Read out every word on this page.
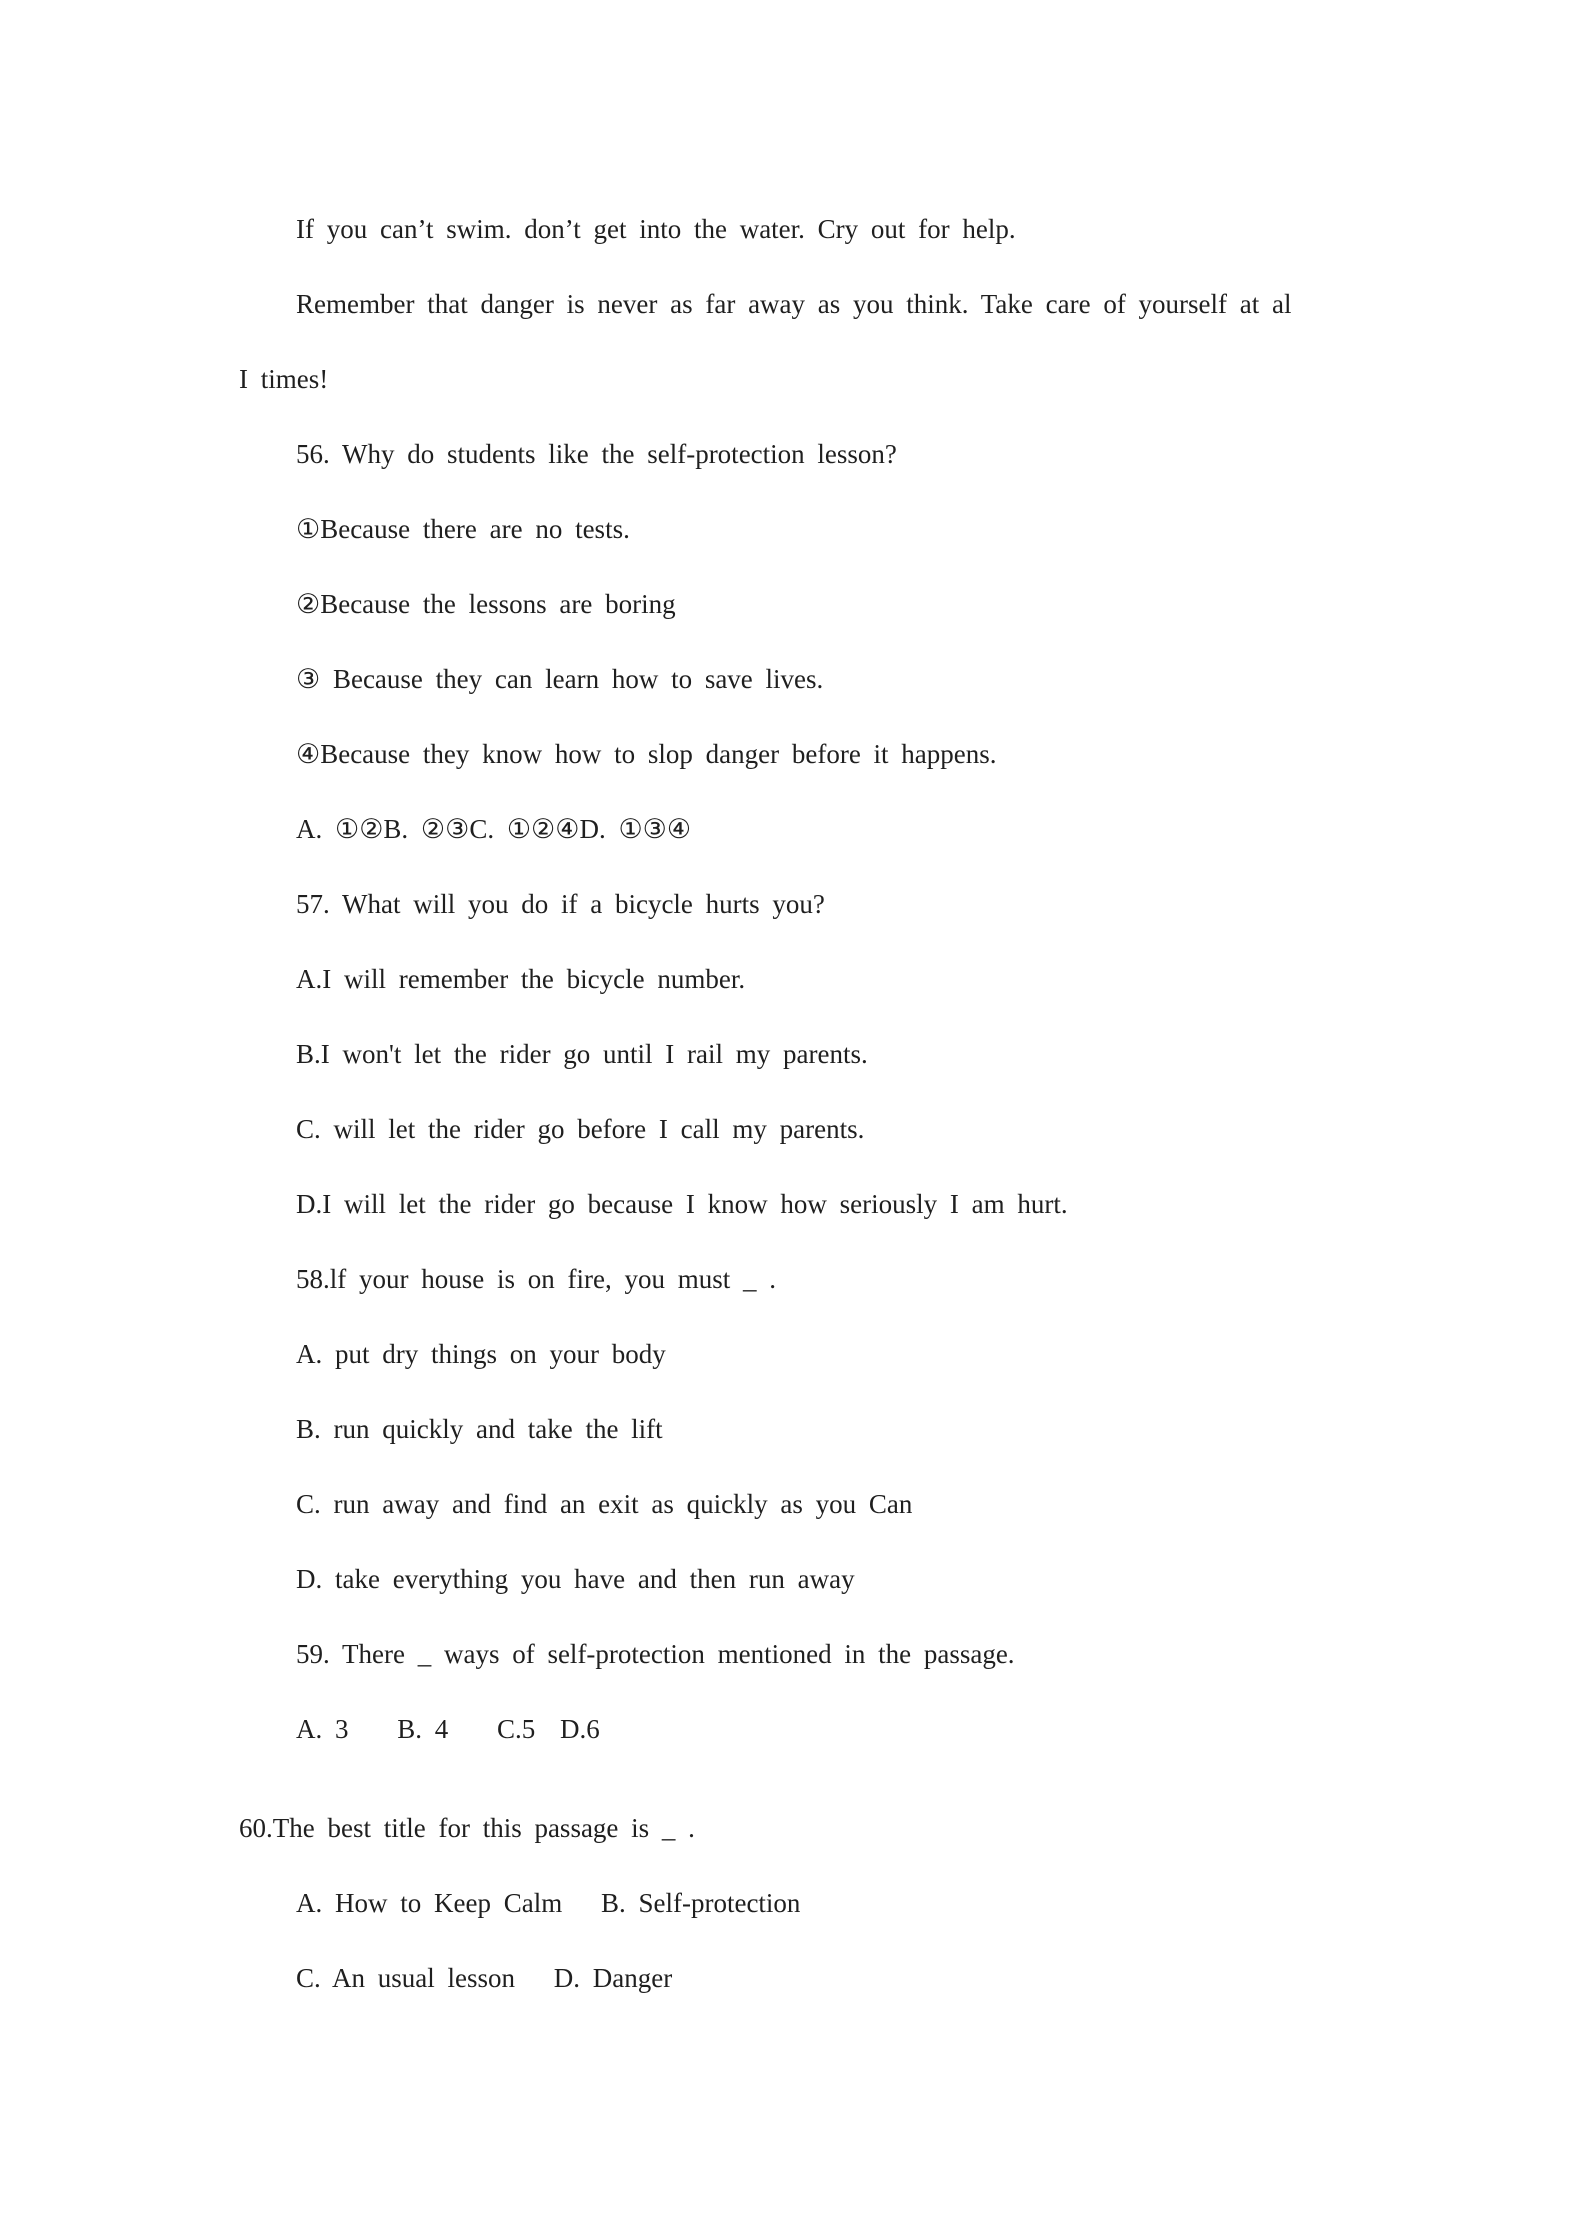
If you can’t swim. don’t get into the water. Cry out for help.
Remember that danger is never as far away as you think. Take care of yourself at al
I times!
56. Why do students like the self-protection lesson?
①Because there are no tests.
②Because the lessons are boring
③ Because they can learn how to save lives.
④Because they know how to slop danger before it happens.
A. ①②B. ②③C. ①②④D. ①③④
57. What will you do if a bicycle hurts you?
A.I will remember the bicycle number.
B.I won't let the rider go until I rail my parents.
C. will let the rider go before I call my parents.
D.I will let the rider go because I know how seriously I am hurt.
58.lf your house is on fire, you must _ .
A. put dry things on your body
B. run quickly and take the lift
C. run away and find an exit as quickly as you Can
D. take everything you have and then run away
59. There _ ways of self-protection mentioned in the passage.
A. 3 B. 4 C.5 D.6
60.The best title for this passage is _ .
A. How to Keep Calm B. Self-protection
C. An usual lesson D. Danger
